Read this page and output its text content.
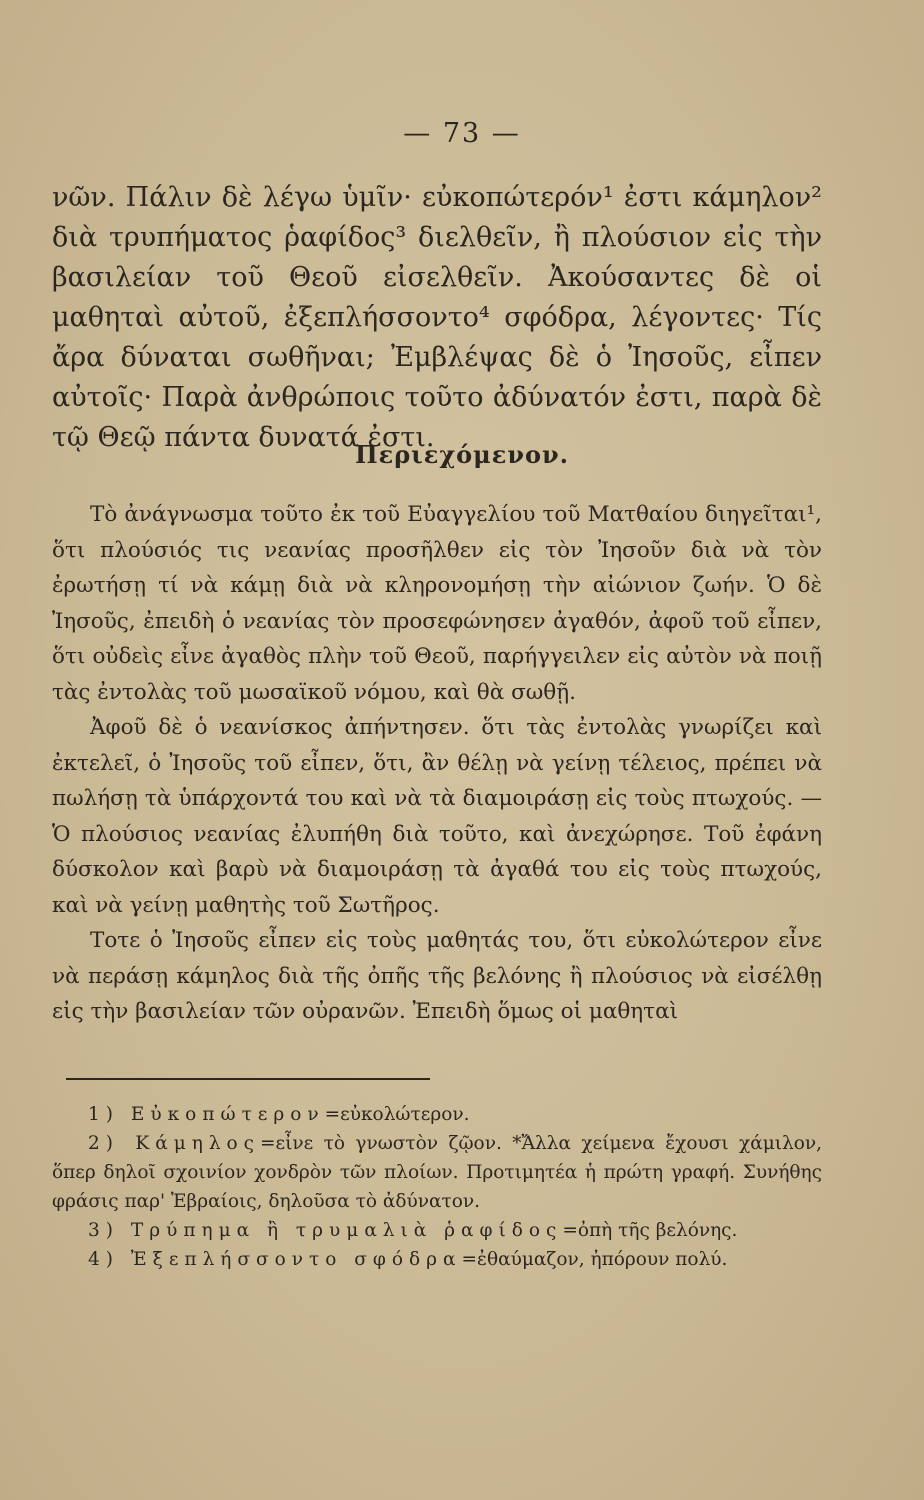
— 73 —

νῶν. Πάλιν δὲ λέγω ὑμῖν· εὐκοπώτερόν¹ ἐστι κάμηλον² διὰ τρυπήματος ῥαφίδος³ διελθεῖν, ἢ πλούσιον εἰς τὴν βασιλείαν τοῦ Θεοῦ εἰσελθεῖν. Ἀκούσαντες δὲ οἱ μαθηταὶ αὐτοῦ, ἐξεπλήσσοντο⁴ σφόδρα, λέγοντες· Τίς ἄρα δύναται σωθῆναι; Ἐμβλέψας δὲ ὁ Ἰησοῦς, εἶπεν αὐτοῖς· Παρὰ ἀνθρώποις τοῦτο ἀδύνατόν ἐστι, παρὰ δὲ τῷ Θεῷ πάντα δυνατά ἐστι.

Περιεχόμενον.

Τὸ ἀνάγνωσμα τοῦτο ἐκ τοῦ Εὐαγγελίου τοῦ Ματθαίου διηγεῖται¹, ὅτι πλούσιός τις νεανίας προσῆλθεν εἰς τὸν Ἰησοῦν διὰ νὰ τὸν ἐρωτήσῃ τί νὰ κάμῃ διὰ νὰ κληρονομήσῃ τὴν αἰώνιον ζωήν. Ὁ δὲ Ἰησοῦς, ἐπειδὴ ὁ νεανίας τὸν προσεφώνησεν ἀγαθόν, ἀφοῦ τοῦ εἶπεν, ὅτι οὐδεὶς εἶνε ἀγαθὸς πλὴν τοῦ Θεοῦ, παρήγγειλεν εἰς αὐτὸν νὰ ποιῇ τὰς ἐντολὰς τοῦ μωσαϊκοῦ νόμου, καὶ θὰ σωθῇ.

Ἀφοῦ δὲ ὁ νεανίσκος ἀπήντησεν. ὅτι τὰς ἐντολὰς γνωρίζει καὶ ἐκτελεῖ, ὁ Ἰησοῦς τοῦ εἶπεν, ὅτι, ἂν θέλῃ νὰ γείνῃ τέλειος, πρέπει νὰ πωλήσῃ τὰ ὑπάρχοντά του καὶ νὰ τὰ διαμοιράσῃ εἰς τοὺς πτωχούς. — Ὁ πλούσιος νεανίας ἐλυπήθη διὰ τοῦτο, καὶ ἀνεχώρησε. Τοῦ ἐφάνη δύσκολον καὶ βαρὺ νὰ διαμοιράσῃ τὰ ἀγαθά του εἰς τοὺς πτωχούς, καὶ νὰ γείνῃ μαθητὴς τοῦ Σωτῆρος.

Τοτε ὁ Ἰησοῦς εἶπεν εἰς τοὺς μαθητάς του, ὅτι εὐκολώτερον εἶνε νὰ περάσῃ κάμηλος διὰ τῆς ὀπῆς τῆς βελόνης ἢ πλούσιος νὰ εἰσέλθῃ εἰς τὴν βασιλείαν τῶν οὐρανῶν. Ἐπειδὴ ὅμως οἱ μαθηταὶ

1) Εὐκοπώτερον=εὐκολώτερον.

2) Κάμηλος=εἶνε τὸ γνωστὸν ζῷον. *Ἄλλα χείμενα ἔχουσι χάμιλον, ὅπερ δηλοῖ σχοινίον χονδρὸν τῶν πλοίων. Προτιμητέα ἡ πρώτη γραφή. Συνήθης φράσις παρ' Ἑβραίοις, δηλοῦσα τὸ ἀδύνατον.

3) Τρύπημα ἢ τρυμαλιὰ ῥαφίδος=ὀπὴ τῆς βελόνης.

4) Ἐξεπλήσσοντο σφόδρα=ἐθαύμαζον, ἠπόρουν πολύ.
